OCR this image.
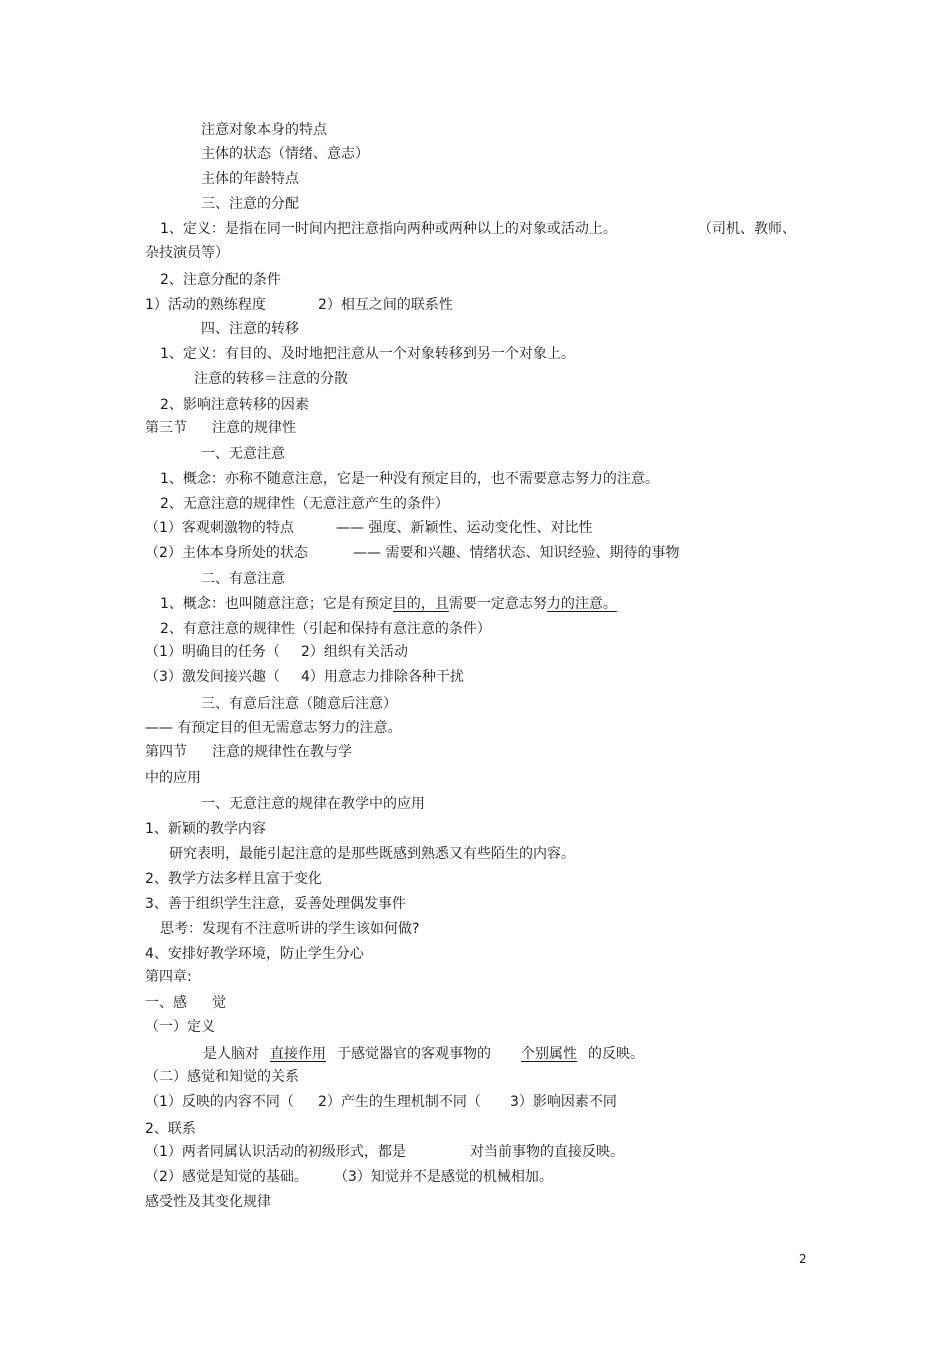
注意对象本身的特点
主体的状态（情绪、意志）
主体的年龄特点
三、注意的分配
1、定义：是指在同一时间内把注意指向两种或两种以上的对象或活动上。	（司机、教师、
杂技演员等）
2、注意分配的条件
1）活动的熟练程度	2）相互之间的联系性
四、注意的转移
1、定义：有目的、及时地把注意从一个对象转移到另一个对象上。
注意的转移＝注意的分散
2、影响注意转移的因素
第三节 注意的规律性
一、无意注意
1、概念：亦称不随意注意，它是一种没有预定目的，也不需要意志努力的注意。
2、无意注意的规律性（无意注意产生的条件）
（1）客观刺激物的特点	—— 强度、新颖性、运动变化性、对比性
（2）主体本身所处的状态	—— 需要和兴趣、情绪状态、知识经验、期待的事物
二、有意注意
1、概念：也叫随意注意；它是有预定目的，且需要一定意志努力的注意。
2、有意注意的规律性（引起和保持有意注意的条件）
（1）明确目的任务（ 2）组织有关活动
（3）激发间接兴趣（ 4）用意志力排除各种干扰
三、有意后注意（随意后注意）
—— 有预定目的但无需意志努力的注意。
第四节 注意的规律性在教与学
中的应用
一、无意注意的规律在教学中的应用
1、新颖的教学内容
研究表明，最能引起注意的是那些既感到熟悉又有些陌生的内容。
2、教学方法多样且富于变化
3、善于组织学生注意，妥善处理偶发事件
思考：发现有不注意听讲的学生该如何做?
4、安排好教学环境，防止学生分心
第四章:
一、感 觉
（一）定义
是人脑对 直接作用 于感觉器官的客观事物的 个别属性 的反映。
（二）感觉和知觉的关系
（1）反映的内容不同（ 2）产生的生理机制不同（ 3）影响因素不同
2、联系
（1）两者同属认识活动的初级形式，都是	对当前事物的直接反映。
（2）感觉是知觉的基础。 （3）知觉并不是感觉的机械相加。
感受性及其变化规律
2
